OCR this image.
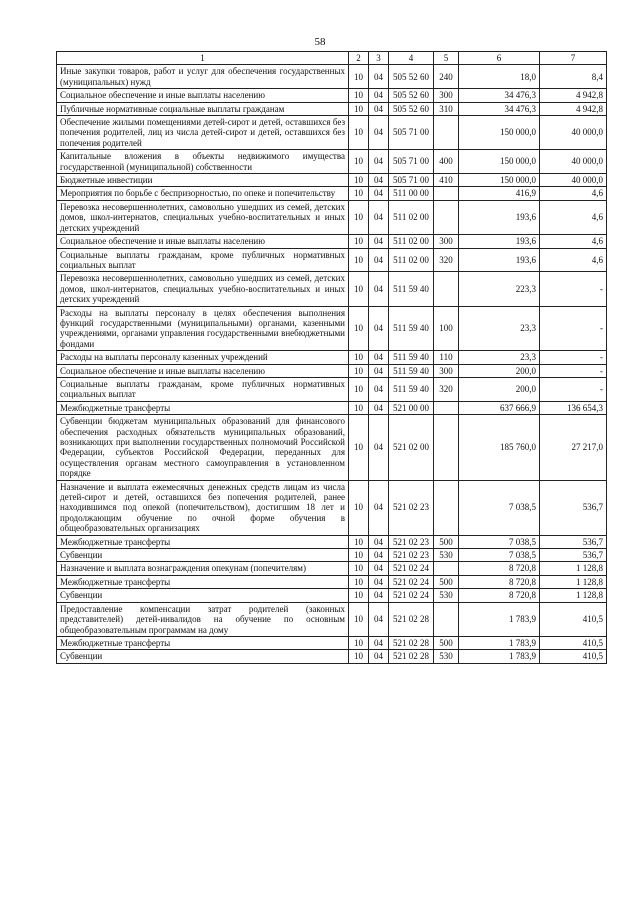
58
1	2	3	4	5	6	7
Иные закупки товаров, работ и услуг для обеспечения государственных (муниципальных) нужд	10	04	505 52 60	240	18,0	8,4
Социальное обеспечение и иные выплаты населению	10	04	505 52 60	300	34 476,3	4 942,8
Публичные нормативные социальные выплаты гражданам	10	04	505 52 60	310	34 476,3	4 942,8
Обеспечение жилыми помещениями детей-сирот и детей, оставшихся без попечения родителей, лиц из числа детей-сирот и детей, оставшихся без попечения родителей	10	04	505 71 00		150 000,0	40 000,0
Капитальные вложения в объекты недвижимого имущества государственной (муниципальной) собственности	10	04	505 71 00	400	150 000,0	40 000,0
Бюджетные инвестиции	10	04	505 71 00	410	150 000,0	40 000,0
Мероприятия по борьбе с беспризорностью, по опеке и попечительству	10	04	511 00 00		416,9	4,6
Перевозка несовершеннолетних, самовольно ушедших из семей, детских домов, школ-интернатов, специальных учебно-воспитательных и иных детских учреждений	10	04	511 02 00		193,6	4,6
Социальное обеспечение и иные выплаты населению	10	04	511 02 00	300	193,6	4,6
Социальные выплаты гражданам, кроме публичных нормативных социальных выплат	10	04	511 02 00	320	193,6	4,6
Перевозка несовершеннолетних, самовольно ушедших из семей, детских домов, школ-интернатов, специальных учебно-воспитательных и иных детских учреждений	10	04	511 59 40		223,3	-
Расходы на выплаты персоналу в целях обеспечения выполнения функций государственными (муниципальными) органами, казенными учреждениями, органами управления государственными внебюджетными фондами	10	04	511 59 40	100	23,3	-
Расходы на выплаты персоналу казенных учреждений	10	04	511 59 40	110	23,3	-
Социальное обеспечение и иные выплаты населению	10	04	511 59 40	300	200,0	-
Социальные выплаты гражданам, кроме публичных нормативных социальных выплат	10	04	511 59 40	320	200,0	-
Межбюджетные трансферты	10	04	521 00 00		637 666,9	136 654,3
Субвенции бюджетам муниципальных образований для финансового обеспечения расходных обязательств муниципальных образований, возникающих при выполнении государственных полномочий Российской Федерации, субъектов Российской Федерации, переданных для осуществления органам местного самоуправления в установленном порядке	10	04	521 02 00		185 760,0	27 217,0
Назначение и выплата ежемесячных денежных средств лицам из числа детей-сирот и детей, оставшихся без попечения родителей, ранее находившимся под опекой (попечительством), достигшим 18 лет и продолжающим обучение по очной форме обучения в общеобразовательных организациях	10	04	521 02 23		7 038,5	536,7
Межбюджетные трансферты	10	04	521 02 23	500	7 038,5	536,7
Субвенции	10	04	521 02 23	530	7 038,5	536,7
Назначение и выплата вознаграждения опекунам (попечителям)	10	04	521 02 24		8 720,8	1 128,8
Межбюджетные трансферты	10	04	521 02 24	500	8 720,8	1 128,8
Субвенции	10	04	521 02 24	530	8 720,8	1 128,8
Предоставление компенсации затрат родителей (законных представителей) детей-инвалидов на обучение по основным общеобразовательным программам на дому	10	04	521 02 28		1 783,9	410,5
Межбюджетные трансферты	10	04	521 02 28	500	1 783,9	410,5
Субвенции	10	04	521 02 28	530	1 783,9	410,5
